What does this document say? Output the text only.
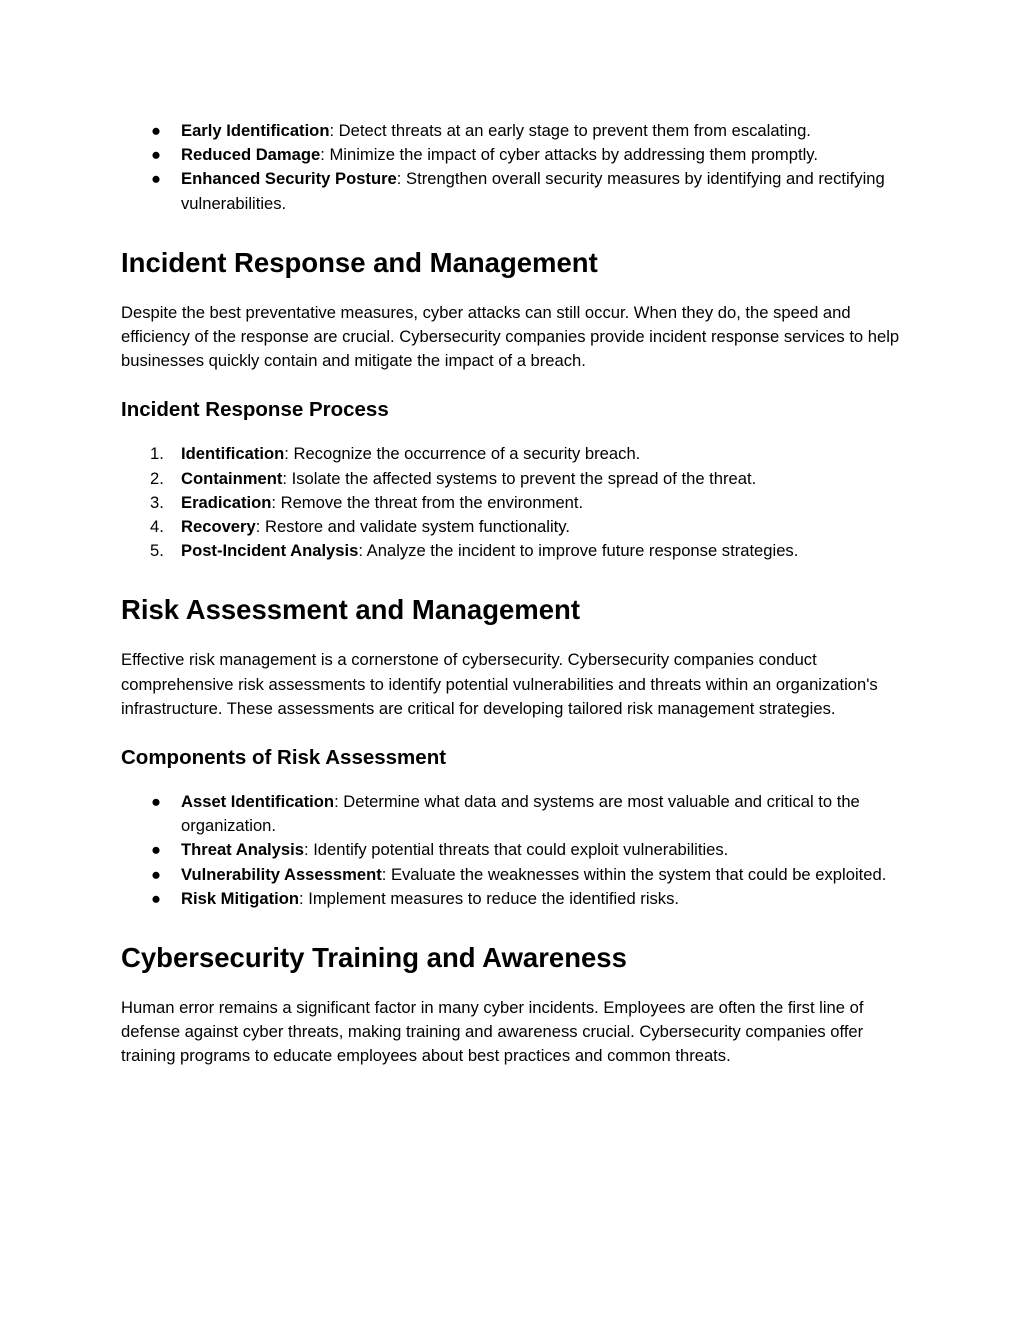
●	Early Identification: Detect threats at an early stage to prevent them from escalating.
●	Reduced Damage: Minimize the impact of cyber attacks by addressing them promptly.
●	Enhanced Security Posture: Strengthen overall security measures by identifying and rectifying vulnerabilities.
Incident Response and Management

Despite the best preventative measures, cyber attacks can still occur. When they do, the speed and efficiency of the response are crucial. Cybersecurity companies provide incident response services to help businesses quickly contain and mitigate the impact of a breach.

Incident Response Process
1.	Identification: Recognize the occurrence of a security breach.
2.	Containment: Isolate the affected systems to prevent the spread of the threat.
3.	Eradication: Remove the threat from the environment.
4.	Recovery: Restore and validate system functionality.
5.	Post-Incident Analysis: Analyze the incident to improve future response strategies.
Risk Assessment and Management

Effective risk management is a cornerstone of cybersecurity. Cybersecurity companies conduct comprehensive risk assessments to identify potential vulnerabilities and threats within an organization's infrastructure. These assessments are critical for developing tailored risk management strategies.

Components of Risk Assessment
●	Asset Identification: Determine what data and systems are most valuable and critical to the organization.
●	Threat Analysis: Identify potential threats that could exploit vulnerabilities.
●	Vulnerability Assessment: Evaluate the weaknesses within the system that could be exploited.
●	Risk Mitigation: Implement measures to reduce the identified risks.
Cybersecurity Training and Awareness

Human error remains a significant factor in many cyber incidents. Employees are often the first line of defense against cyber threats, making training and awareness crucial. Cybersecurity companies offer training programs to educate employees about best practices and common threats.
